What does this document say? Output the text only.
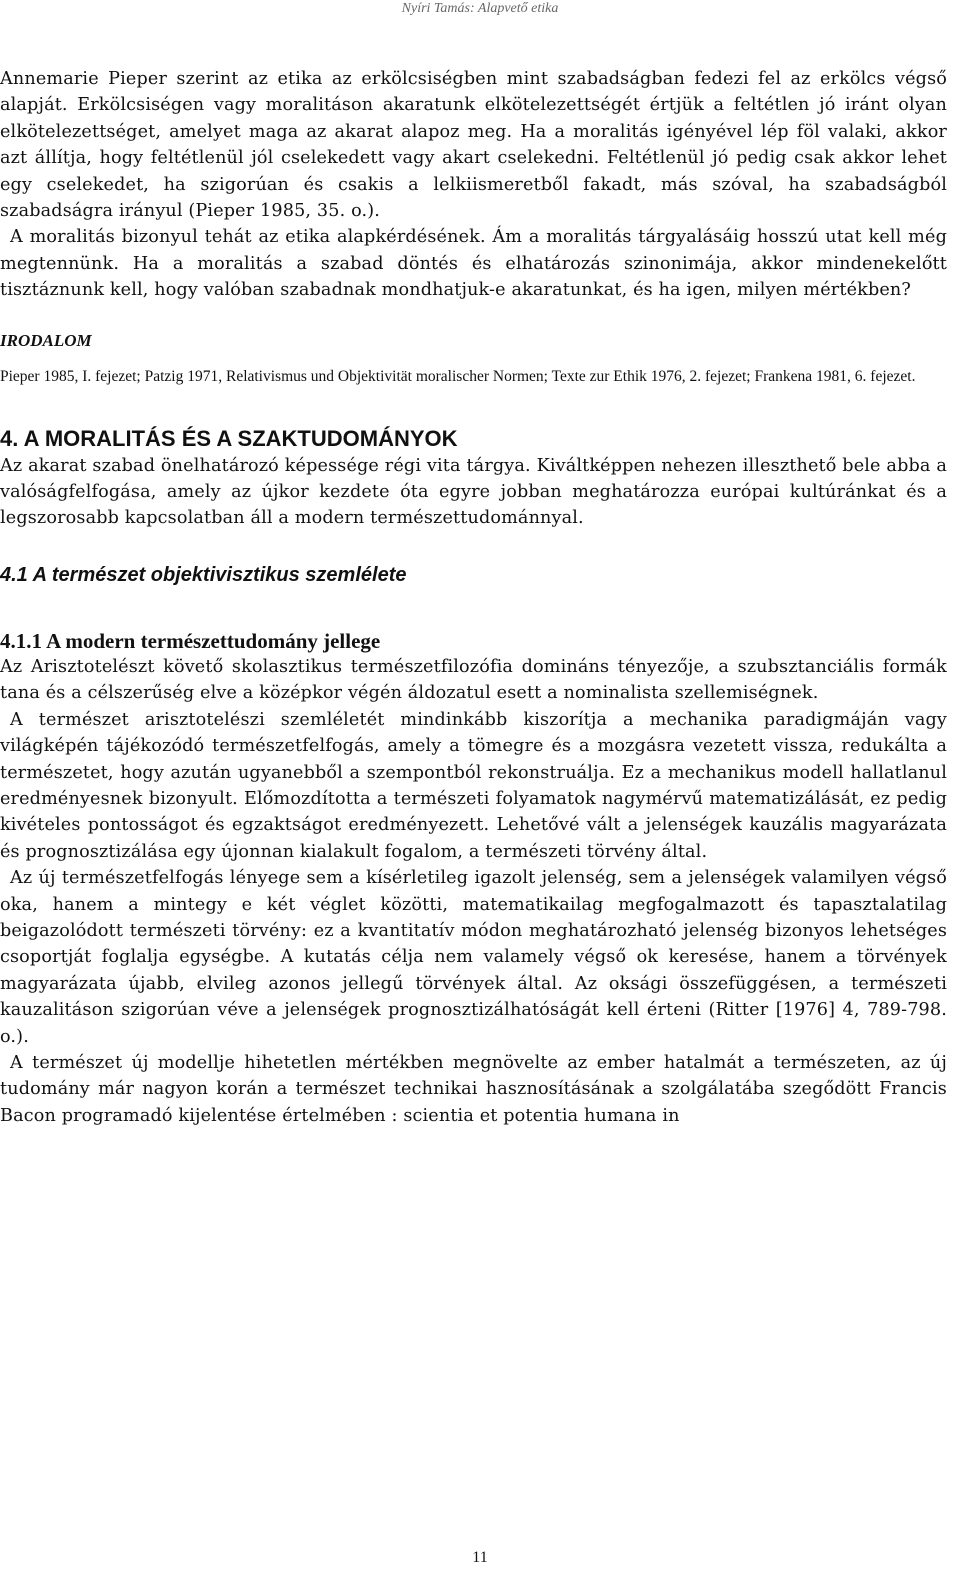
Nyíri Tamás: Alapvető etika

Annemarie Pieper szerint az etika az erkölcsiségben mint szabadságban fedezi fel az erkölcs végső alapját. Erkölcsiségen vagy moralitáson akaratunk elkötelezettségét értjük a feltétlen jó iránt olyan elkötelezettséget, amelyet maga az akarat alapoz meg. Ha a moralitás igényével lép föl valaki, akkor azt állítja, hogy feltétlenül jól cselekedett vagy akart cselekedni. Feltétlenül jó pedig csak akkor lehet egy cselekedet, ha szigorúan és csakis a lelkiismeretből fakadt, más szóval, ha szabadságból szabadságra irányul (Pieper 1985, 35. o.).

A moralitás bizonyul tehát az etika alapkérdésének. Ám a moralitás tárgyalásáig hosszú utat kell még megtennünk. Ha a moralitás a szabad döntés és elhatározás szinonimája, akkor mindenekelőtt tisztáznunk kell, hogy valóban szabadnak mondhatjuk-e akaratunkat, és ha igen, milyen mértékben?

IRODALOM
Pieper 1985, I. fejezet; Patzig 1971, Relativismus und Objektivität moralischer Normen; Texte zur Ethik 1976, 2. fejezet; Frankena 1981, 6. fejezet.
4. A MORALITÁS ÉS A SZAKTUDOMÁNYOK

Az akarat szabad önelhatározó képessége régi vita tárgya. Kiváltképpen nehezen illeszthető bele abba a valóságfelfogása, amely az újkor kezdete óta egyre jobban meghatározza európai kultúránkat és a legszorosabb kapcsolatban áll a modern természettudománnyal.

4.1 A természet objektivisztikus szemlélete
4.1.1 A modern természettudomány jellege

Az Arisztotelészt követő skolasztikus természetfilozófia domináns tényezője, a szubsztanciális formák tana és a célszerűség elve a középkor végén áldozatul esett a nominalista szellemiségnek.

A természet arisztotelészi szemléletét mindinkább kiszorítja a mechanika paradigmáján vagy világképén tájékozódó természetfelfogás, amely a tömegre és a mozgásra vezetett vissza, redukálta a természetet, hogy azután ugyanebből a szempontból rekonstruálja. Ez a mechanikus modell hallatlanul eredményesnek bizonyult. Előmozdította a természeti folyamatok nagymérvű matematizálását, ez pedig kivételes pontosságot és egzaktságot eredményezett. Lehetővé vált a jelenségek kauzális magyarázata és prognosztizálása egy újonnan kialakult fogalom, a természeti törvény által.

Az új természetfelfogás lényege sem a kísérletileg igazolt jelenség, sem a jelenségek valamilyen végső oka, hanem a mintegy e két véglet közötti, matematikailag megfogalmazott és tapasztalatilag beigazolódott természeti törvény: ez a kvantitatív módon meghatározható jelenség bizonyos lehetséges csoportját foglalja egységbe. A kutatás célja nem valamely végső ok keresése, hanem a törvények magyarázata újabb, elvileg azonos jellegű törvények által. Az oksági összefüggésen, a természeti kauzalitáson szigorúan véve a jelenségek prognosztizálhatóságát kell érteni (Ritter [1976] 4, 789-798. o.).

A természet új modellje hihetetlen mértékben megnövelte az ember hatalmát a természeten, az új tudomány már nagyon korán a természet technikai hasznosításának a szolgálatába szegődött Francis Bacon programadó kijelentése értelmében : scientia et potentia humana in

11
